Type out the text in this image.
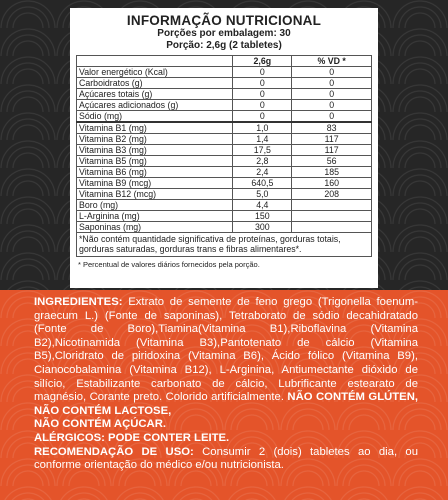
INFORMAÇÃO NUTRICIONAL
Porções por embalagem: 30
Porção: 2,6g (2 tabletes)
	2,6g	% VD *
Valor energético (Kcal)	0	0
Carboidratos (g)	0	0
Açúcares totais (g)	0	0
Açúcares adicionados (g)	0	0
Sódio (mg)	0	0
Vitamina B1 (mg)	1,0	83
Vitamina B2 (mg)	1,4	117
Vitamina B3 (mg)	17,5	117
Vitamina B5 (mg)	2,8	56
Vitamina B6 (mg)	2,4	185
Vitamina B9 (mcg)	640,5	160
Vitamina B12 (mcg)	5,0	208
Boro (mg)	4,4	
L-Arginina (mg)	150	
Saponinas (mg)	300	
*Não contém quantidade significativa de proteínas, gorduras totais, gorduras saturadas, gorduras trans e fibras alimentares*.
* Percentual de valores diários fornecidos pela porção.

INGREDIENTES: Extrato de semente de feno grego (Trigonella foenum- graecum L.) (Fonte de saponinas), Tetraborato de sódio decahidratado (Fonte de Boro),Tiamina(Vitamina B1),Riboflavina (Vitamina B2),Nicotinamida (Vitamina B3),Pantotenato de cálcio (Vitamina B5),Cloridrato de piridoxina (Vitamina B6), Ácido fólico (Vitamina B9), Cianocobalamina (Vitamina B12), L-Arginina, Antiumectante dióxido de silício, Estabilizante carbonato de cálcio, Lubrificante estearato de magnésio, Corante preto. Colorido artificialmente. NÃO CONTÉM GLÚTEN, NÃO CONTÉM LACTOSE,

NÃO CONTÉM AÇÚCAR.

ALÉRGICOS: PODE CONTER LEITE.

RECOMENDAÇÃO DE USO: Consumir 2 (dois) tabletes ao dia, ou conforme orientação do médico e/ou nutricionista.
